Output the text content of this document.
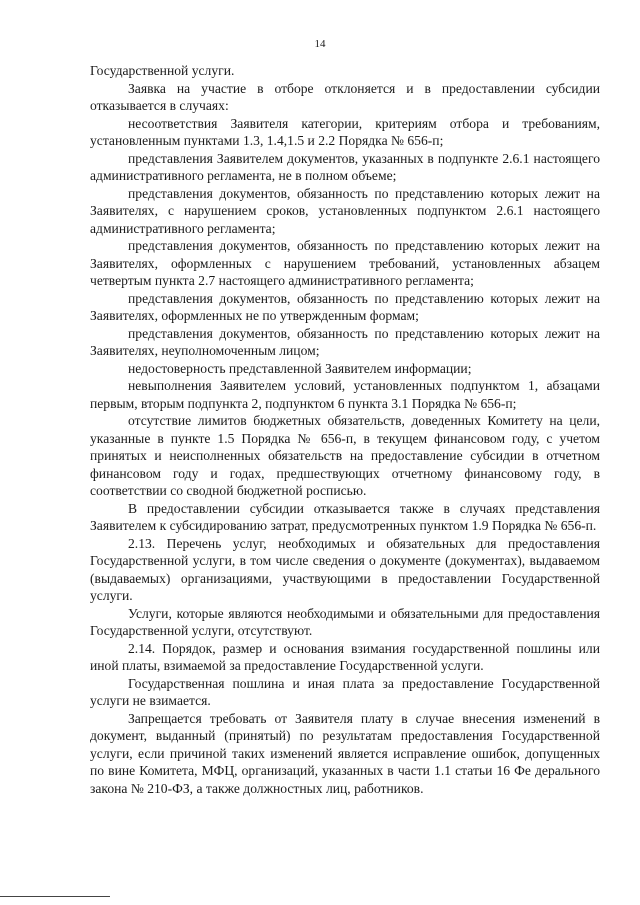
14

Государственной услуги.

Заявка на участие в отборе отклоняется и в предоставлении субсидии отказывается в случаях:

несоответствия Заявителя категории, критериям отбора и требованиям, установленным пунктами 1.3, 1.4,1.5 и 2.2 Порядка № 656-п;

представления Заявителем документов, указанных в подпункте 2.6.1 настоящего административного регламента, не в полном объеме;

представления документов, обязанность по представлению которых лежит на Заявителях, с нарушением сроков, установленных подпунктом 2.6.1 настоящего административного регламента;

представления документов, обязанность по представлению которых лежит на Заявителях, оформленных с нарушением требований, установленных абзацем четвертым пункта 2.7 настоящего административного регламента;

представления документов, обязанность по представлению которых лежит на Заявителях, оформленных не по утвержденным формам;

представления документов, обязанность по представлению которых лежит на Заявителях, неуполномоченным лицом;

недостоверность представленной Заявителем информации;

невыполнения Заявителем условий, установленных подпунктом 1, абзацами первым, вторым подпункта 2, подпунктом 6 пункта 3.1 Порядка № 656-п;

отсутствие лимитов бюджетных обязательств, доведенных Комитету на цели, указанные в пункте 1.5 Порядка № 656-п, в текущем финансовом году, с учетом принятых и неисполненных обязательств на предоставление субсидии в отчетном финансовом году и годах, предшествующих отчетному финансовому году, в соответствии со сводной бюджетной росписью.

В предоставлении субсидии отказывается также в случаях представления Заявителем к субсидированию затрат, предусмотренных пунктом 1.9 Порядка № 656-п.

2.13. Перечень услуг, необходимых и обязательных для предоставления Государственной услуги, в том числе сведения о документе (документах), выдаваемом (выдаваемых) организациями, участвующими в предоставлении Государственной услуги.

Услуги, которые являются необходимыми и обязательными для предоставления Государственной услуги, отсутствуют.

2.14. Порядок, размер и основания взимания государственной пошлины или иной платы, взимаемой за предоставление Государственной услуги.

Государственная пошлина и иная плата за предоставление Государственной услуги не взимается.

Запрещается требовать от Заявителя плату в случае внесения изменений в документ, выданный (принятый) по результатам предоставления Государственной услуги, если причиной таких изменений является исправление ошибок, допущенных по вине Комитета, МФЦ, организаций, указанных в части 1.1 статьи 16 Фе дерального закона № 210-ФЗ, а также должностных лиц, работников.
